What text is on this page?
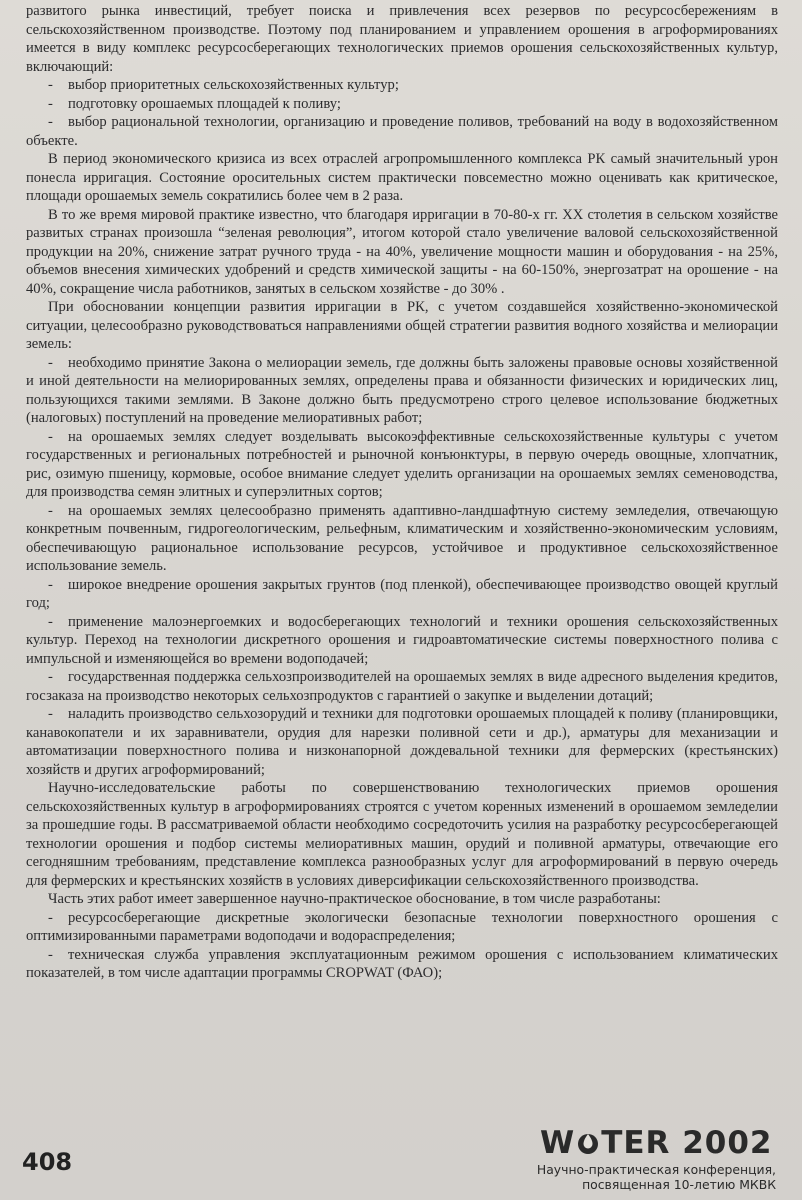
развитого рынка инвестиций, требует поиска и привлечения всех резервов по ресурсосбережениям в сельскохозяйственном производстве. Поэтому под планированием и управлением орошения в агроформированиях имеется в виду комплекс ресурсосберегающих технологических приемов орошения сельскохозяйственных культур, включающий:

- выбор приоритетных сельскохозяйственных культур;

- подготовку орошаемых площадей к поливу;

- выбор рациональной технологии, организацию и проведение поливов, требований на воду в водохозяйственном объекте.

В период экономического кризиса из всех отраслей агропромышленного комплекса РК самый значительный урон понесла ирригация. Состояние оросительных систем практически повсеместно можно оценивать как критическое, площади орошаемых земель сократились более чем в 2 раза.

В то же время мировой практике известно, что благодаря ирригации в 70-80-х гг. XX столетия в сельском хозяйстве развитых странах произошла “зеленая революция”, итогом которой стало увеличение валовой сельскохозяйственной продукции на 20%, снижение затрат ручного труда - на 40%, увеличение мощности машин и оборудования - на 25%, объемов внесения химических удобрений и средств химической защиты - на 60-150%, энергозатрат на орошение - на 40%, сокращение числа работников, занятых в сельском хозяйстве - до 30% .

При обосновании концепции развития ирригации в РК, с учетом создавшейся хозяйственно-экономической ситуации, целесообразно руководствоваться направлениями общей стратегии развития водного хозяйства и мелиорации земель:

- необходимо принятие Закона о мелиорации земель, где должны быть заложены правовые основы хозяйственной и иной деятельности на мелиорированных землях, определены права и обязанности физических и юридических лиц, пользующихся такими землями. В Законе должно быть предусмотрено строго целевое использование бюджетных (налоговых) поступлений на проведение мелиоративных работ;

- на орошаемых землях следует возделывать высокоэффективные сельскохозяйственные культуры с учетом государственных и региональных потребностей и рыночной конъюнктуры, в первую очередь овощные, хлопчатник, рис, озимую пшеницу, кормовые, особое внимание следует уделить организации на орошаемых землях семеноводства, для производства семян элитных и суперэлитных сортов;

- на орошаемых землях целесообразно применять адаптивно-ландшафтную систему земледелия, отвечающую конкретным почвенным, гидрогеологическим, рельефным, климатическим и хозяйственно-экономическим условиям, обеспечивающую рациональное использование ресурсов, устойчивое и продуктивное сельскохозяйственное использование земель.

- широкое внедрение орошения закрытых грунтов (под пленкой), обеспечивающее производство овощей круглый год;

- применение малоэнергоемких и водосберегающих технологий и техники орошения сельскохозяйственных культур. Переход на технологии дискретного орошения и гидроавтоматические системы поверхностного полива с импульсной и изменяющейся во времени водоподачей;

- государственная поддержка сельхозпроизводителей на орошаемых землях в виде адресного выделения кредитов, госзаказа на производство некоторых сельхозпродуктов с гарантией о закупке и выделении дотаций;

- наладить производство сельхозорудий и техники для подготовки орошаемых площадей к поливу (планировщики, канавокопатели и их заравниватели, орудия для нарезки поливной сети и др.), арматуры для механизации и автоматизации поверхностного полива и низконапорной дождевальной техники для фермерских (крестьянских) хозяйств и других агроформирований;

Научно-исследовательские работы по совершенствованию технологических приемов орошения сельскохозяйственных культур в агроформированиях строятся с учетом коренных изменений в орошаемом земледелии за прошедшие годы. В рассматриваемой области необходимо сосредоточить усилия на разработку ресурсосберегающей технологии орошения и подбор системы мелиоративных машин, орудий и поливной арматуры, отвечающие его сегодняшним требованиям, представление комплекса разнообразных услуг для агроформирований в первую очередь для фермерских и крестьянских хозяйств в условиях диверсификации сельскохозяйственного производства.

Часть этих работ имеет завершенное научно-практическое обоснование, в том числе разработаны:

- ресурсосберегающие дискретные экологически безопасные технологии поверхностного орошения с оптимизированными параметрами водоподачи и водораспределения;

- техническая служба управления эксплуатационным режимом орошения с использованием климатических показателей, в том числе адаптации программы CROPWAT (ФАО);

408
W TER 2002
Научно-практическая конференция,
посвященная 10-летию МКВК
